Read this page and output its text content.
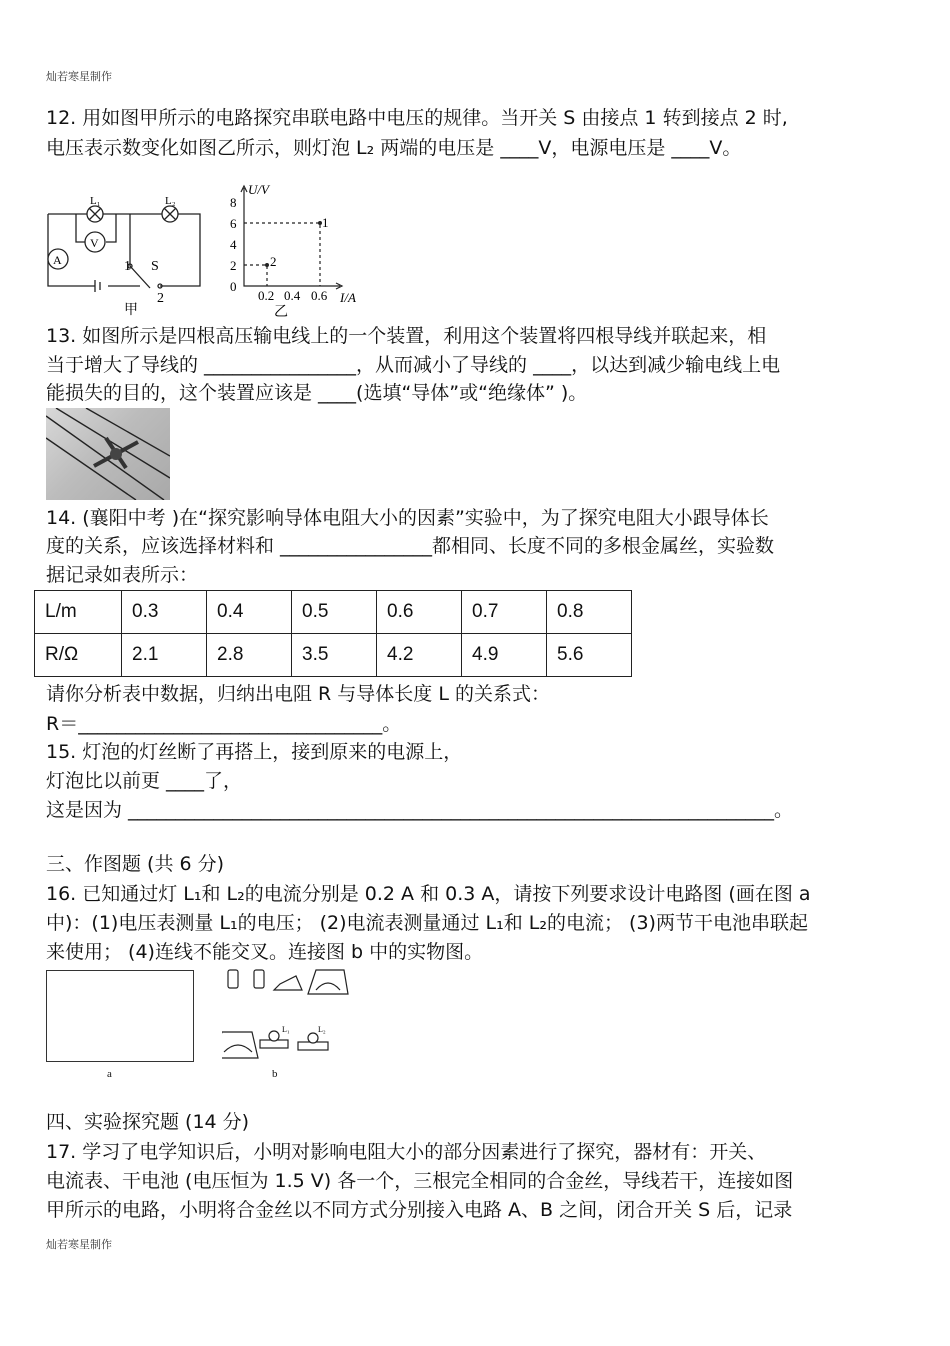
灿若寒星制作
12. 用如图甲所示的电路探究串联电路中电压的规律。当开关 S 由接点 1 转到接点 2 时,
电压表示数变化如图乙所示，则灯泡 L₂ 两端的电压是 ____V，电源电压是 ____V。
L₁	L₂
V
A	S
1
2
甲
U/V
I/A
8
6
4
2
0
0.2 0.4 0.6
1
2
乙
13. 如图所示是四根高压输电线上的一个装置，利用这个装置将四根导线并联起来，相
当于增大了导线的 ________________，从而减小了导线的 ____，以达到减少输电线上电
能损失的目的，这个装置应该是 ____(选填“导体”或“绝缘体” )。
14. (襄阳中考 )在“探究影响导体电阻大小的因素”实验中，为了探究电阻大小跟导体长
度的关系，应该选择材料和 ________________都相同、长度不同的多根金属丝，实验数
据记录如表所示：
L/m	0.3	0.4	0.5	0.6	0.7	0.8
R/Ω	2.1	2.8	3.5	4.2	4.9	5.6
请你分析表中数据，归纳出电阻 R 与导体长度 L 的关系式：
R＝________________________________。
15. 灯泡的灯丝断了再搭上，接到原来的电源上，
灯泡比以前更 ____了，
这是因为 ____________________________________________________________________。
三、作图题 (共 6 分)
16. 已知通过灯 L₁和 L₂的电流分别是 0.2 A 和 0.3 A，请按下列要求设计电路图 (画在图 a
中)：(1)电压表测量 L₁的电压； (2)电流表测量通过 L₁和 L₂的电流； (3)两节干电池串联起
来使用； (4)连线不能交叉。连接图 b 中的实物图。
a
L₁	L₂
b
四、实验探究题 (14 分)
17. 学习了电学知识后，小明对影响电阻大小的部分因素进行了探究，器材有：开关、
电流表、干电池 (电压恒为 1.5 V) 各一个，三根完全相同的合金丝，导线若干，连接如图
甲所示的电路，小明将合金丝以不同方式分别接入电路 A、B 之间，闭合开关 S 后，记录
灿若寒星制作
